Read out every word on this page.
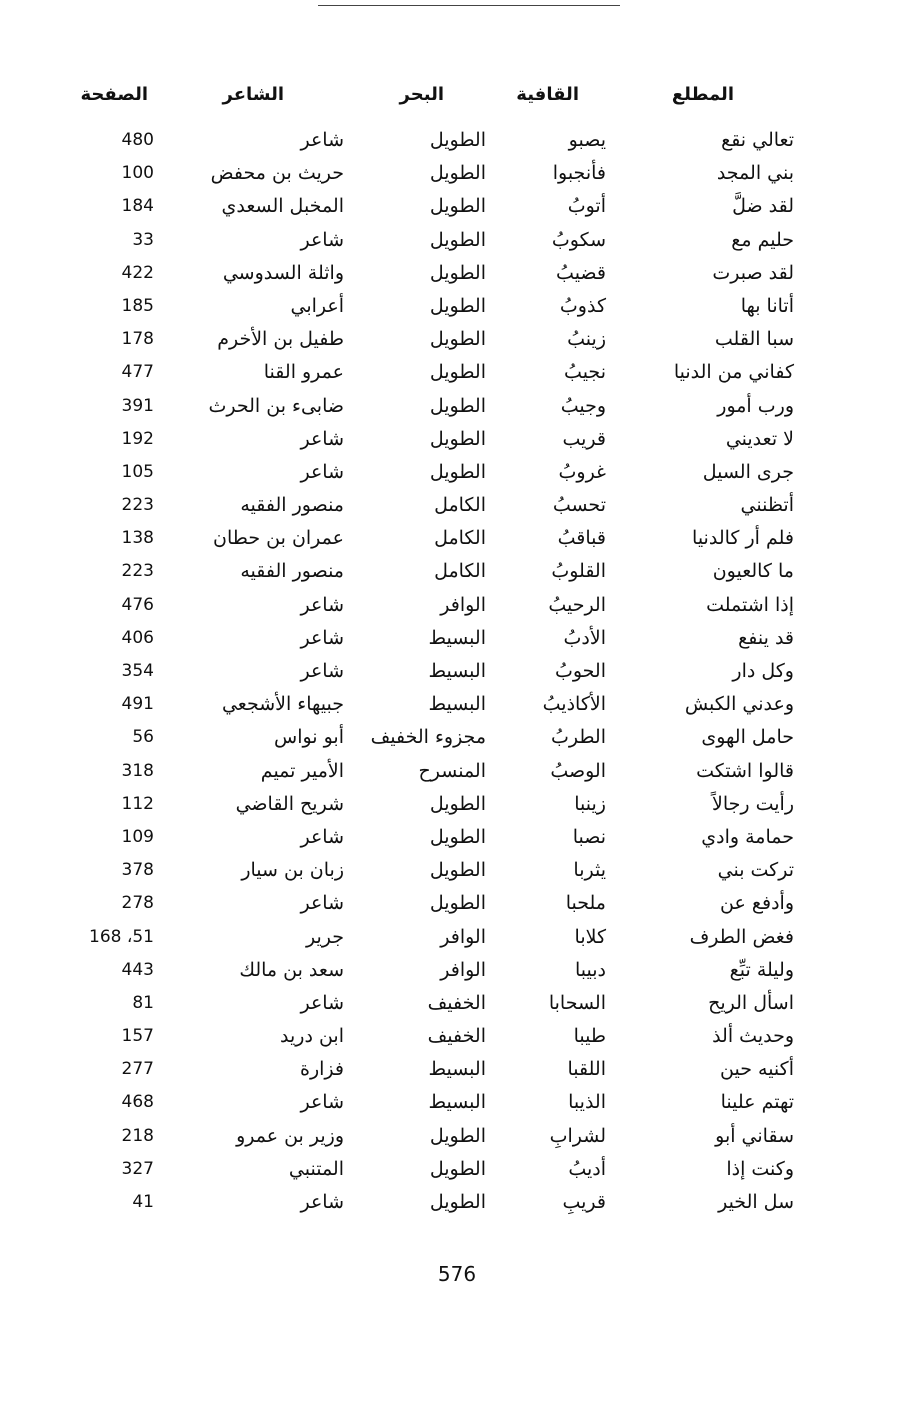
المطلع
القافية
البحر
الشاعر
الصفحة
تعالي نقع
يصبو
الطويل
شاعر
480
بني المجد
فأنجبوا
الطويل
حريث بن محفض
100
لقد ضلَّ
أتوبُ
الطويل
المخبل السعدي
184
حليم مع
سكوبُ
الطويل
شاعر
33
لقد صبرت
قضيبُ
الطويل
واثلة السدوسي
422
أتانا بها
كذوبُ
الطويل
أعرابي
185
سبا القلب
زينبُ
الطويل
طفيل بن الأخرم
178
كفاني من الدنيا
نجيبُ
الطويل
عمرو القنا
477
ورب أمور
وجيبُ
الطويل
ضابىء بن الحرث
391
لا تعديني
قريب
الطويل
شاعر
192
جرى السيل
غروبُ
الطويل
شاعر
105
أتظنني
تحسبُ
الكامل
منصور الفقيه
223
فلم أر كالدنيا
قباقبُ
الكامل
عمران بن حطان
138
ما كالعيون
القلوبُ
الكامل
منصور الفقيه
223
إذا اشتملت
الرحيبُ
الوافر
شاعر
476
قد ينفع
الأدبُ
البسيط
شاعر
406
وكل دار
الحوبُ
البسيط
شاعر
354
وعدني الكبش
الأكاذيبُ
البسيط
جبيهاء الأشجعي
491
حامل الهوى
الطربُ
مجزوء الخفيف
أبو نواس
56
قالوا اشتكت
الوصبُ
المنسرح
الأمير تميم
318
رأيت رجالاً
زينبا
الطويل
شريح القاضي
112
حمامة وادي
نصبا
الطويل
شاعر
109
تركت بني
يثربا
الطويل
زبان بن سيار
378
وأدفع عن
ملحبا
الطويل
شاعر
278
فغض الطرف
كلابا
الوافر
جرير
168 ،51
وليلة تبِّع
دبيبا
الوافر
سعد بن مالك
443
اسأل الريح
السحابا
الخفيف
شاعر
81
وحديث ألذ
طيبا
الخفيف
ابن دريد
157
أكنيه حين
اللقبا
البسيط
فزارة
277
تهتم علينا
الذيبا
البسيط
شاعر
468
سقاني أبو
لشرابِ
الطويل
وزير بن عمرو
218
وكنت إذا
أديبُ
الطويل
المتنبي
327
سل الخير
قريبِ
الطويل
شاعر
41
576
